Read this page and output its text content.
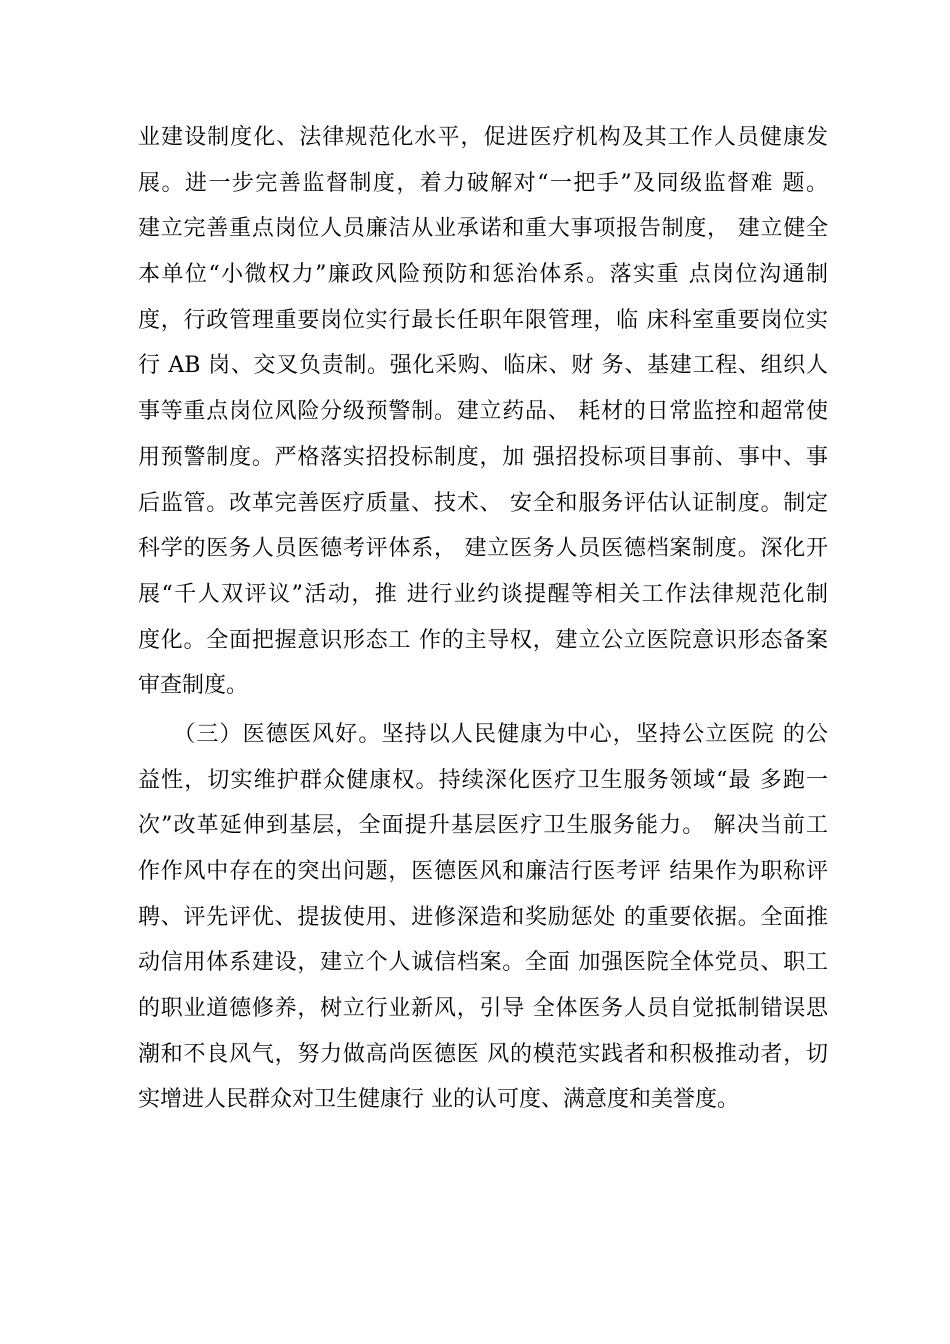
业建设制度化、法律规范化水平，促进医疗机构及其工作人员健康发
展。进一步完善监督制度，着力破解对“一把手”及同级监督难 题。
建立完善重点岗位人员廉洁从业承诺和重大事项报告制度， 建立健全
本单位“小微权力”廉政风险预防和惩治体系。落实重 点岗位沟通制
度，行政管理重要岗位实行最长任职年限管理，临 床科室重要岗位实
行 AB 岗、交叉负责制。强化采购、临床、财 务、基建工程、组织人
事等重点岗位风险分级预警制。建立药品、 耗材的日常监控和超常使
用预警制度。严格落实招投标制度，加 强招投标项目事前、事中、事
后监管。改革完善医疗质量、技术、 安全和服务评估认证制度。制定
科学的医务人员医德考评体系， 建立医务人员医德档案制度。深化开
展“千人双评议”活动，推 进行业约谈提醒等相关工作法律规范化制
度化。全面把握意识形态工 作的主导权，建立公立医院意识形态备案
审查制度。
　　（三）医德医风好。坚持以人民健康为中心，坚持公立医院 的公
益性，切实维护群众健康权。持续深化医疗卫生服务领域“最 多跑一
次”改革延伸到基层，全面提升基层医疗卫生服务能力。 解决当前工
作作风中存在的突出问题，医德医风和廉洁行医考评 结果作为职称评
聘、评先评优、提拔使用、进修深造和奖励惩处 的重要依据。全面推
动信用体系建设，建立个人诚信档案。全面 加强医院全体党员、职工
的职业道德修养，树立行业新风，引导 全体医务人员自觉抵制错误思
潮和不良风气，努力做高尚医德医 风的模范实践者和积极推动者，切
实增进人民群众对卫生健康行 业的认可度、满意度和美誉度。
